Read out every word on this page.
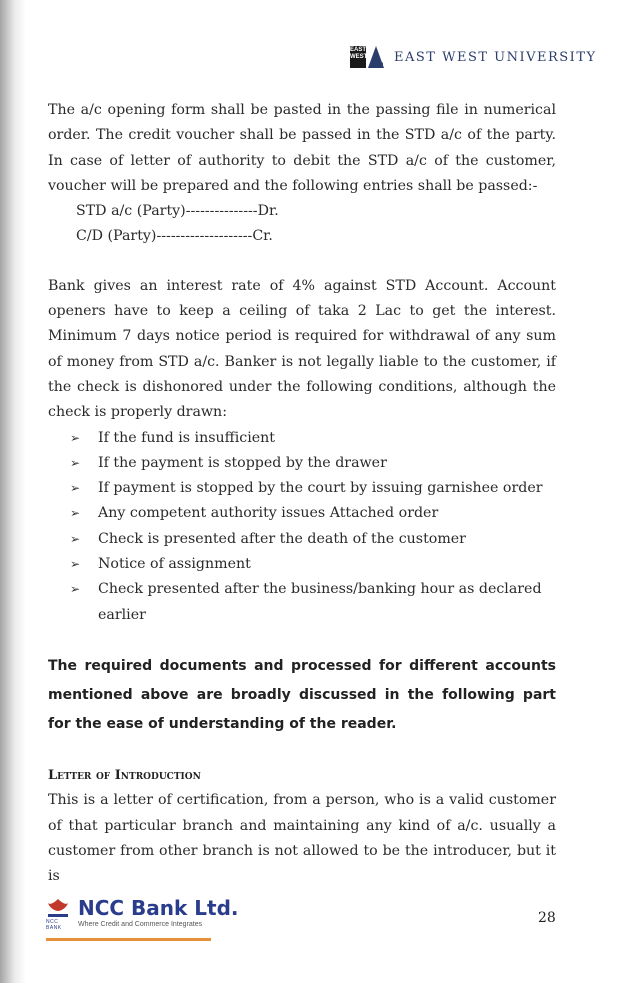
EAST WEST EAST WEST UNIVERSITY

The a/c opening form shall be pasted in the passing file in numerical order. The credit voucher shall be passed in the STD a/c of the party. In case of letter of authority to debit the STD a/c of the customer, voucher will be prepared and the following entries shall be passed:-

STD a/c (Party)---------------Dr.
C/D (Party)--------------------Cr.

Bank gives an interest rate of 4% against STD Account. Account openers have to keep a ceiling of taka 2 Lac to get the interest. Minimum 7 days notice period is required for withdrawal of any sum of money from STD a/c. Banker is not legally liable to the customer, if the check is dishonored under the following conditions, although the check is properly drawn:

➢ If the fund is insufficient
➢ If the payment is stopped by the drawer
➢ If payment is stopped by the court by issuing garnishee order
➢ Any competent authority issues Attached order
➢ Check is presented after the death of the customer
➢ Notice of assignment
➢ Check presented after the business/banking hour as declared earlier

The required documents and processed for different accounts mentioned above are broadly discussed in the following part for the ease of understanding of the reader.

Letter of Introduction

This is a letter of certification, from a person, who is a valid customer of that particular branch and maintaining any kind of a/c. usually a customer from other branch is not allowed to be the introducer, but it is

NCC BANK
NCC Bank Ltd.
Where Credit and Commerce Integrates	28
